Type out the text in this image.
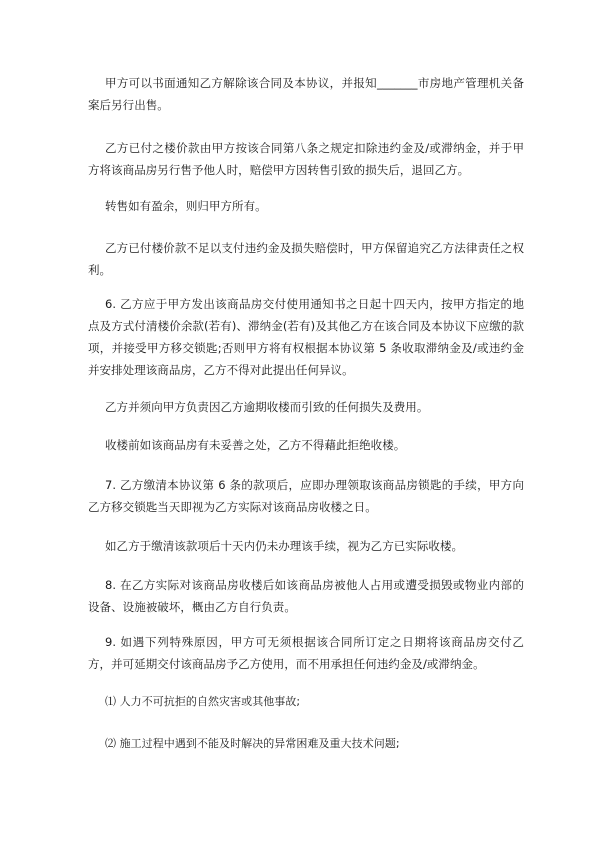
甲方可以书面通知乙方解除该合同及本协议，并报知_______市房地产管理机关备案后另行出售。

乙方已付之楼价款由甲方按该合同第八条之规定扣除违约金及/或滞纳金，并于甲方将该商品房另行售予他人时，赔偿甲方因转售引致的损失后，退回乙方。

转售如有盈余，则归甲方所有。

乙方已付楼价款不足以支付违约金及损失赔偿时，甲方保留追究乙方法律责任之权利。

6. 乙方应于甲方发出该商品房交付使用通知书之日起十四天内，按甲方指定的地点及方式付清楼价余款(若有)、滞纳金(若有)及其他乙方在该合同及本协议下应缴的款项，并接受甲方移交锁匙;否则甲方将有权根据本协议第 5 条收取滞纳金及/或违约金并安排处理该商品房，乙方不得对此提出任何异议。

乙方并须向甲方负责因乙方逾期收楼而引致的任何损失及费用。

收楼前如该商品房有未妥善之处，乙方不得藉此拒绝收楼。

7. 乙方缴清本协议第 6 条的款项后，应即办理领取该商品房锁匙的手续，甲方向乙方移交锁匙当天即视为乙方实际对该商品房收楼之日。

如乙方于缴清该款项后十天内仍未办理该手续，视为乙方已实际收楼。

8. 在乙方实际对该商品房收楼后如该商品房被他人占用或遭受损毁或物业内部的设备、设施被破坏，概由乙方自行负责。

9. 如遇下列特殊原因，甲方可无须根据该合同所订定之日期将该商品房交付乙方，并可延期交付该商品房予乙方使用，而不用承担任何违约金及/或滞纳金。

⑴ 人力不可抗拒的自然灾害或其他事故;

⑵ 施工过程中遇到不能及时解决的异常困难及重大技术问题;
